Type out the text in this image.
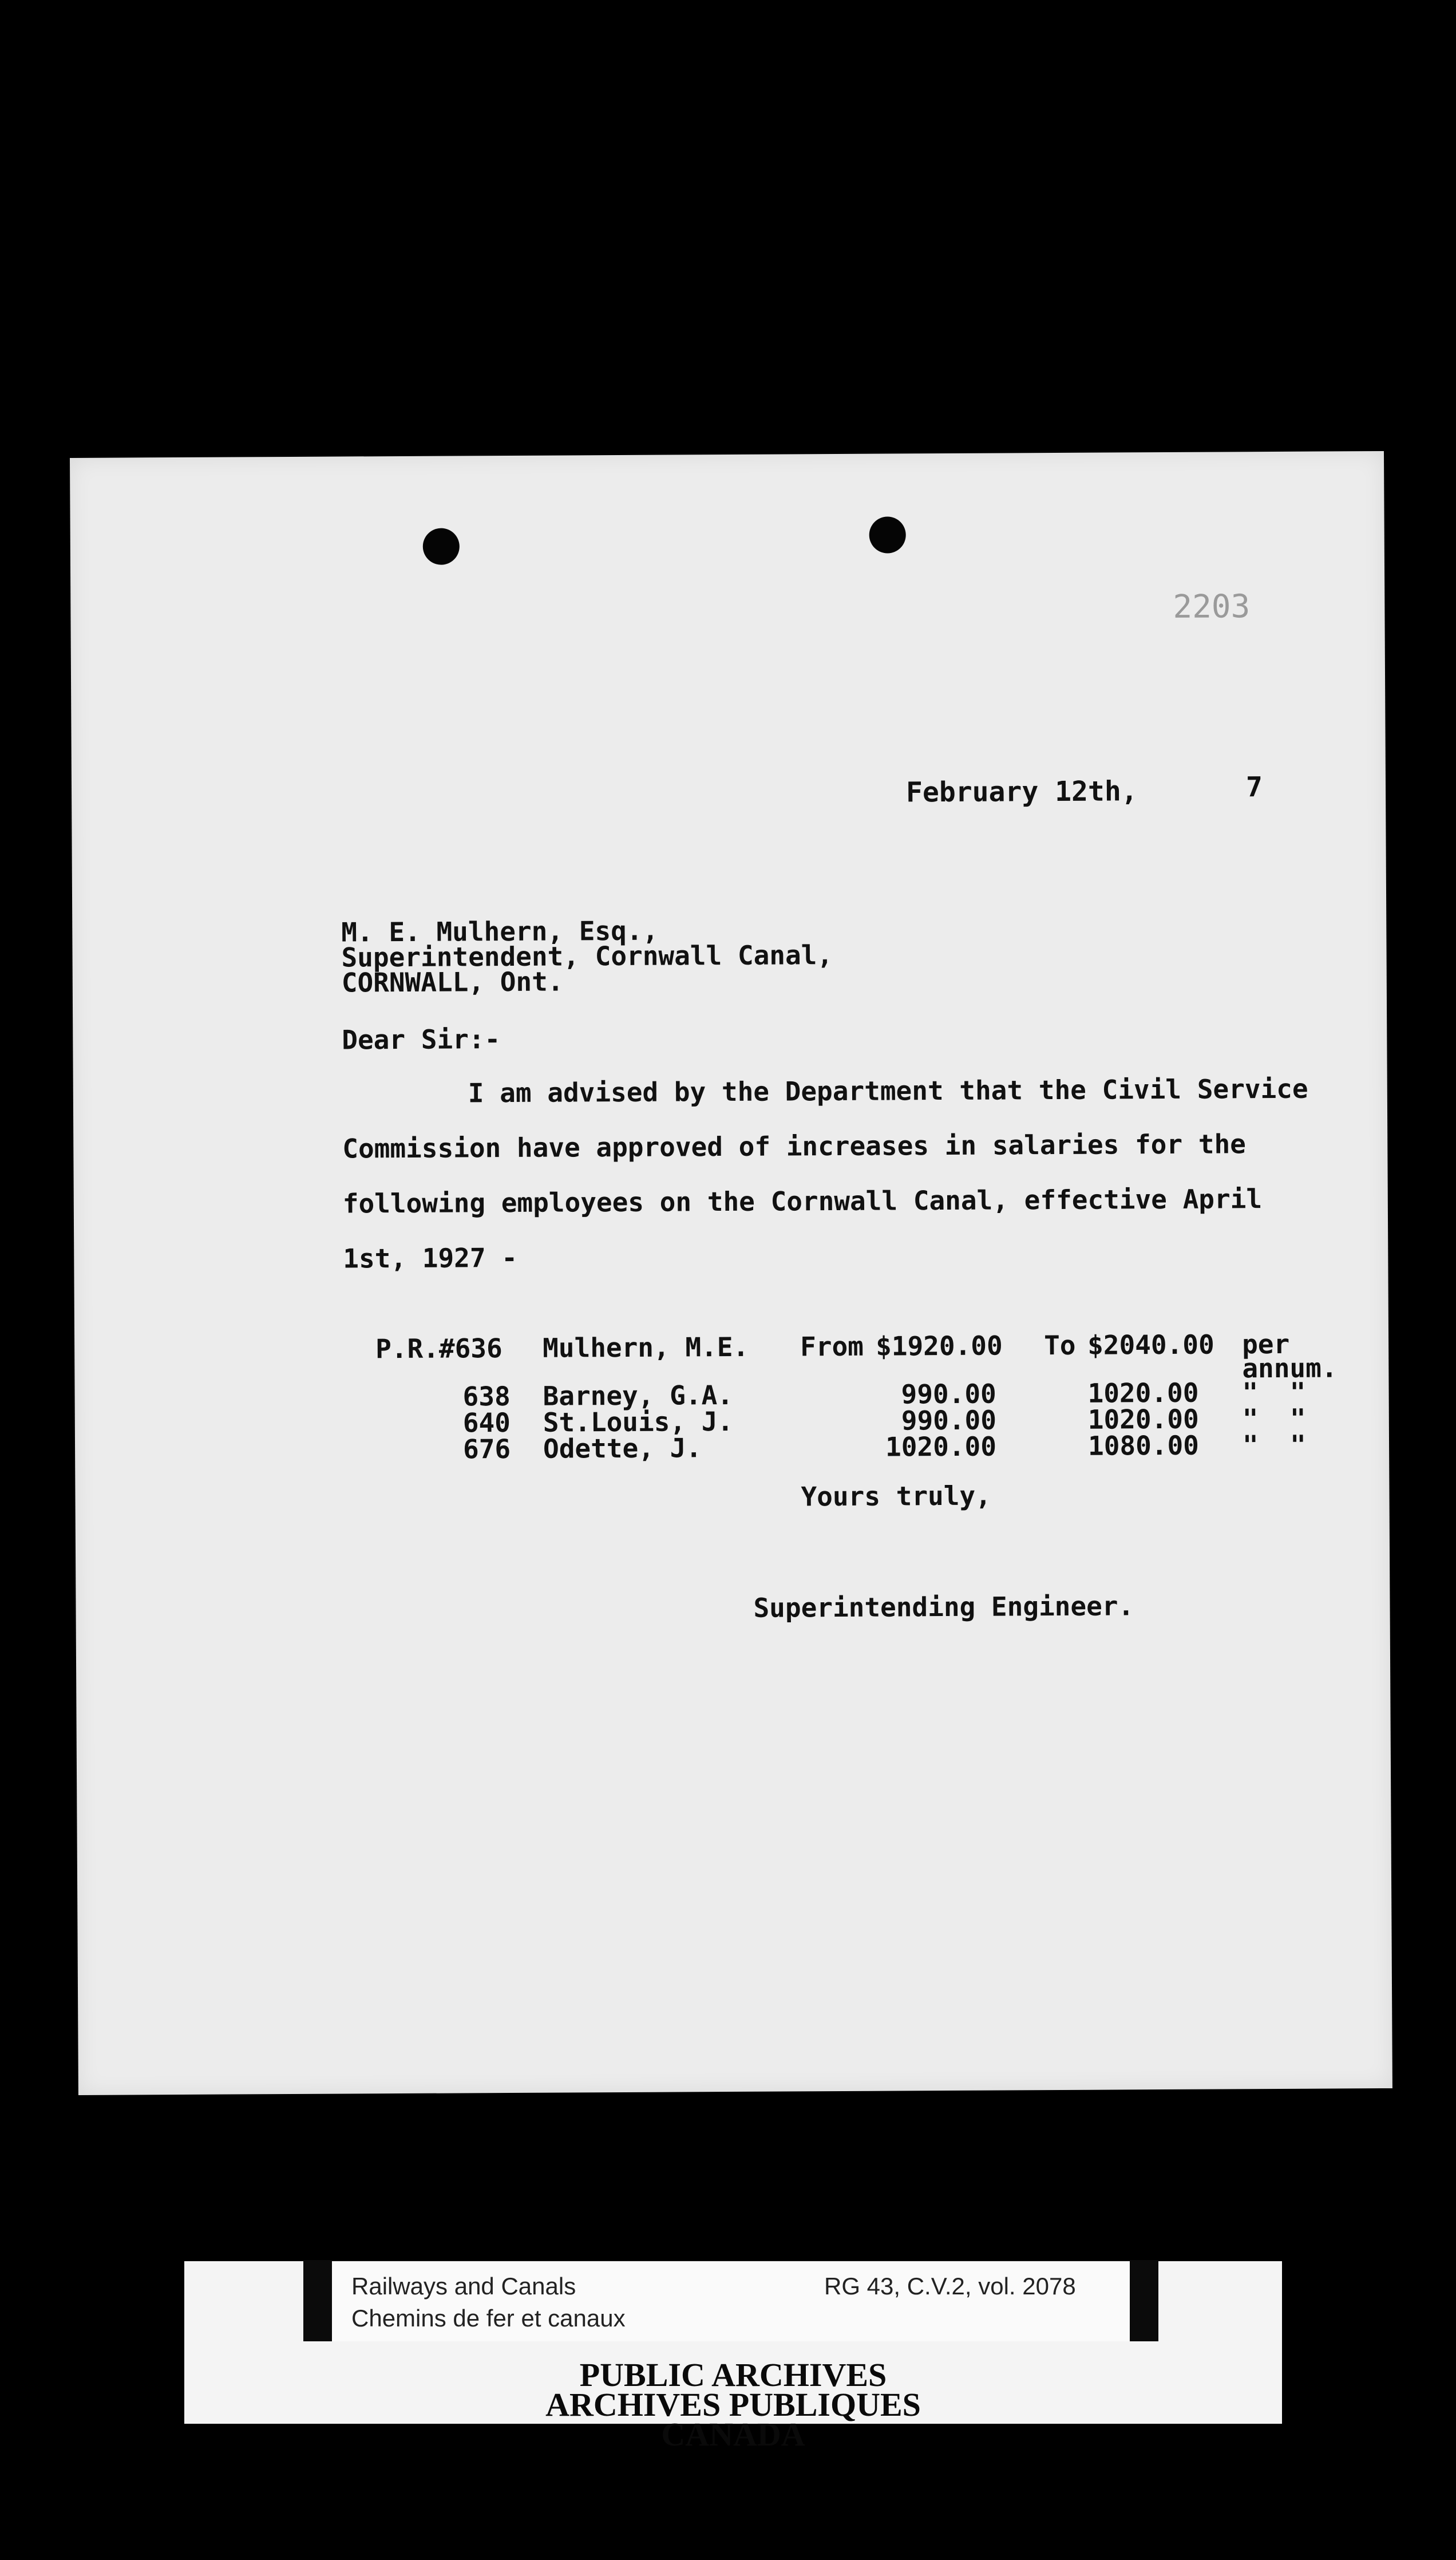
2203
February 12th,	7
M. E. Mulhern, Esq.,
Superintendent, Cornwall Canal,
CORNWALL, Ont.
Dear Sir:-
I am advised by the Department that the Civil Service
Commission have approved of increases in salaries for the
following employees on the Cornwall Canal, effective April
1st, 1927 -
P.R.#636 Mulhern, M.E. From $1920.00 To $2040.00 per
annum.
638 Barney, G.A.	990.00	1020.00 "  "
640 St.Louis, J.	990.00	1020.00 "  "
676 Odette, J.	1020.00	1080.00 "  "
Yours truly,
Superintending Engineer.
Railways and Canals
Chemins de fer et canaux
RG 43, C.V.2, vol. 2078
PUBLIC ARCHIVES
ARCHIVES PUBLIQUES
CANADA
